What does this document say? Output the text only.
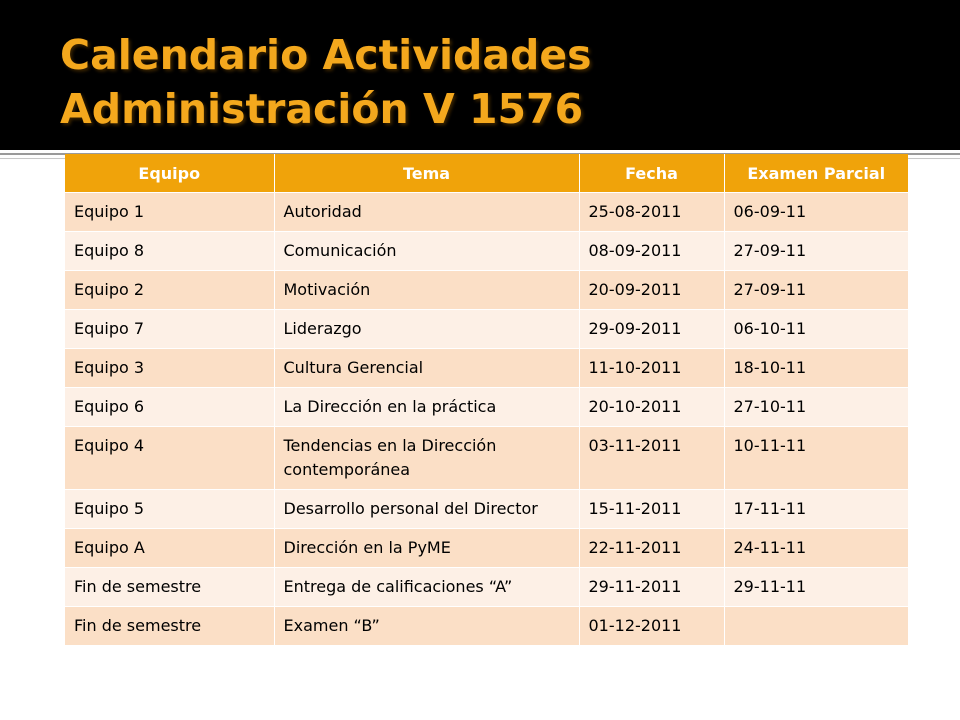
Calendario Actividades
Administración V 1576
Equipo	Tema	Fecha	Examen Parcial
Equipo 1	Autoridad	25-08-2011	06-09-11
Equipo 8	Comunicación	08-09-2011	27-09-11
Equipo 2	Motivación	20-09-2011	27-09-11
Equipo 7	Liderazgo	29-09-2011	06-10-11
Equipo 3	Cultura Gerencial	11-10-2011	18-10-11
Equipo 6	La Dirección en la práctica	20-10-2011	27-10-11
Equipo 4	Tendencias en la Dirección contemporánea	03-11-2011	10-11-11
Equipo 5	Desarrollo personal del Director	15-11-2011	17-11-11
Equipo A	Dirección en la PyME	22-11-2011	24-11-11
Fin de semestre	Entrega de calificaciones “A”	29-11-2011	29-11-11
Fin de semestre	Examen “B”	01-12-2011	
